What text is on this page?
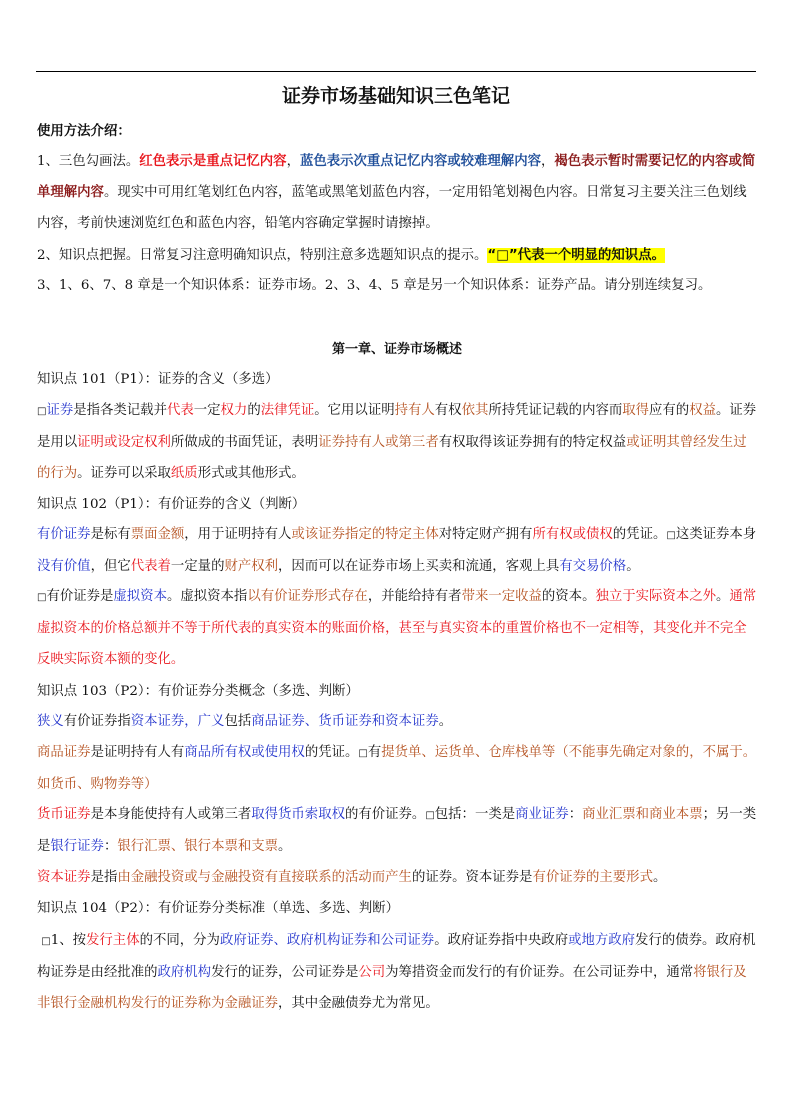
证券市场基础知识三色笔记
使用方法介绍：
1、三色勾画法。红色表示是重点记忆内容，蓝色表示次重点记忆内容或较难理解内容，褐色表示暂时需要记忆的内容或简单理解内容。现实中可用红笔划红色内容，蓝笔或黑笔划蓝色内容，一定用铅笔划褐色内容。日常复习主要关注三色划线内容，考前快速浏览红色和蓝色内容，铅笔内容确定掌握时请擦掉。
2、知识点把握。日常复习注意明确知识点，特别注意多选题知识点的提示。“□”代表一个明显的知识点。
3、1、6、7、8 章是一个知识体系：证券市场。2、3、4、5 章是另一个知识体系：证券产品。请分别连续复习。
第一章、证券市场概述
知识点 101（P1）：证券的含义（多选）
□证券是指各类记载并代表一定权力的法律凭证。它用以证明持有人有权依其所持凭证记载的内容而取得应有的权益。证券是用以证明或设定权利所做成的书面凭证，表明证券持有人或第三者有权取得该证券拥有的特定权益或证明其曾经发生过的行为。证券可以采取纸质形式或其他形式。
知识点 102（P1）：有价证券的含义（判断）
有价证券是标有票面金额，用于证明持有人或该证券指定的特定主体对特定财产拥有所有权或债权的凭证。□这类证券本身没有价值，但它代表着一定量的财产权利，因而可以在证券市场上买卖和流通，客观上具有交易价格。
□有价证券是虚拟资本。虚拟资本指以有价证券形式存在，并能给持有者带来一定收益的资本。独立于实际资本之外。通常虚拟资本的价格总额并不等于所代表的真实资本的账面价格，甚至与真实资本的重置价格也不一定相等，其变化并不完全反映实际资本额的变化。
知识点 103（P2）：有价证券分类概念（多选、判断）
狭义有价证券指资本证券，广义包括商品证券、货币证券和资本证券。
商品证券是证明持有人有商品所有权或使用权的凭证。□有提货单、运货单、仓库栈单等（不能事先确定对象的，不属于。如货币、购物券等）
货币证券是本身能使持有人或第三者取得货币索取权的有价证券。□包括：一类是商业证券：商业汇票和商业本票；另一类是银行证券：银行汇票、银行本票和支票。
资本证券是指由金融投资或与金融投资有直接联系的活动而产生的证券。资本证券是有价证券的主要形式。
知识点 104（P2）：有价证券分类标准（单选、多选、判断）
□1、按发行主体的不同，分为政府证券、政府机构证券和公司证券。政府证券指中央政府或地方政府发行的债券。政府机构证券是由经批准的政府机构发行的证券，公司证券是公司为筹措资金而发行的有价证券。在公司证券中，通常将银行及非银行金融机构发行的证券称为金融证券，其中金融债券尤为常见。
